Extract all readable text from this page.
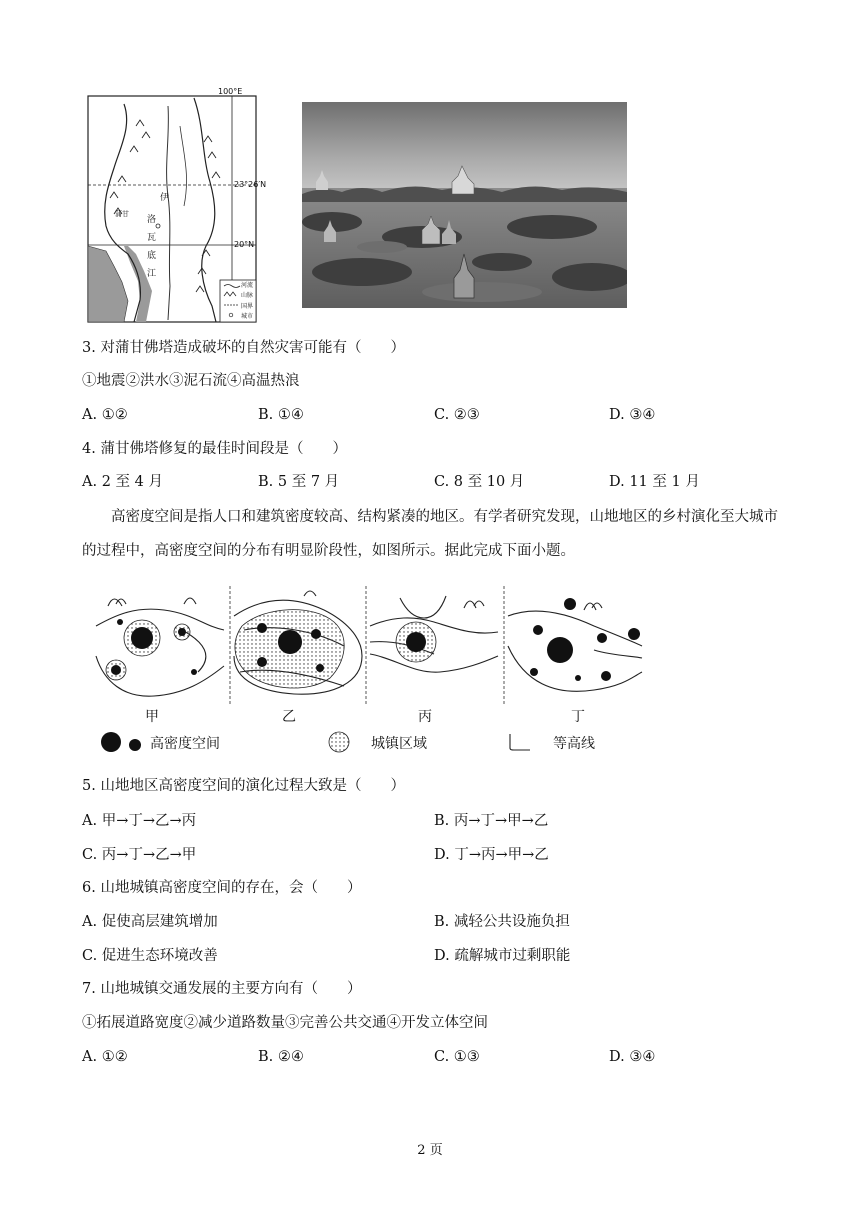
100°E
23°26′N
20°N
蒲甘
伊
洛
瓦
底
江
河流
山脉
国界
城市
3. 对蒲甘佛塔造成破坏的自然灾害可能有（　　）
①地震②洪水③泥石流④高温热浪
A. ①②	B. ①④	C. ②③	D. ③④
4. 蒲甘佛塔修复的最佳时间段是（　　）
A. 2 至 4 月	B. 5 至 7 月	C. 8 至 10 月	D. 11 至 1 月
高密度空间是指人口和建筑密度较高、结构紧凑的地区。有学者研究发现，山地地区的乡村演化至大城市的过程中，高密度空间的分布有明显阶段性，如图所示。据此完成下面小题。
甲	乙	丙	丁
高密度空间	城镇区域	等高线
5. 山地地区高密度空间的演化过程大致是（　　）
A. 甲→丁→乙→丙	B. 丙→丁→甲→乙
C. 丙→丁→乙→甲	D. 丁→丙→甲→乙
6. 山地城镇高密度空间的存在，会（　　）
A. 促使高层建筑增加	B. 减轻公共设施负担
C. 促进生态环境改善	D. 疏解城市过剩职能
7. 山地城镇交通发展的主要方向有（　　）
①拓展道路宽度②减少道路数量③完善公共交通④开发立体空间
A. ①②	B. ②④	C. ①③	D. ③④
2 页
